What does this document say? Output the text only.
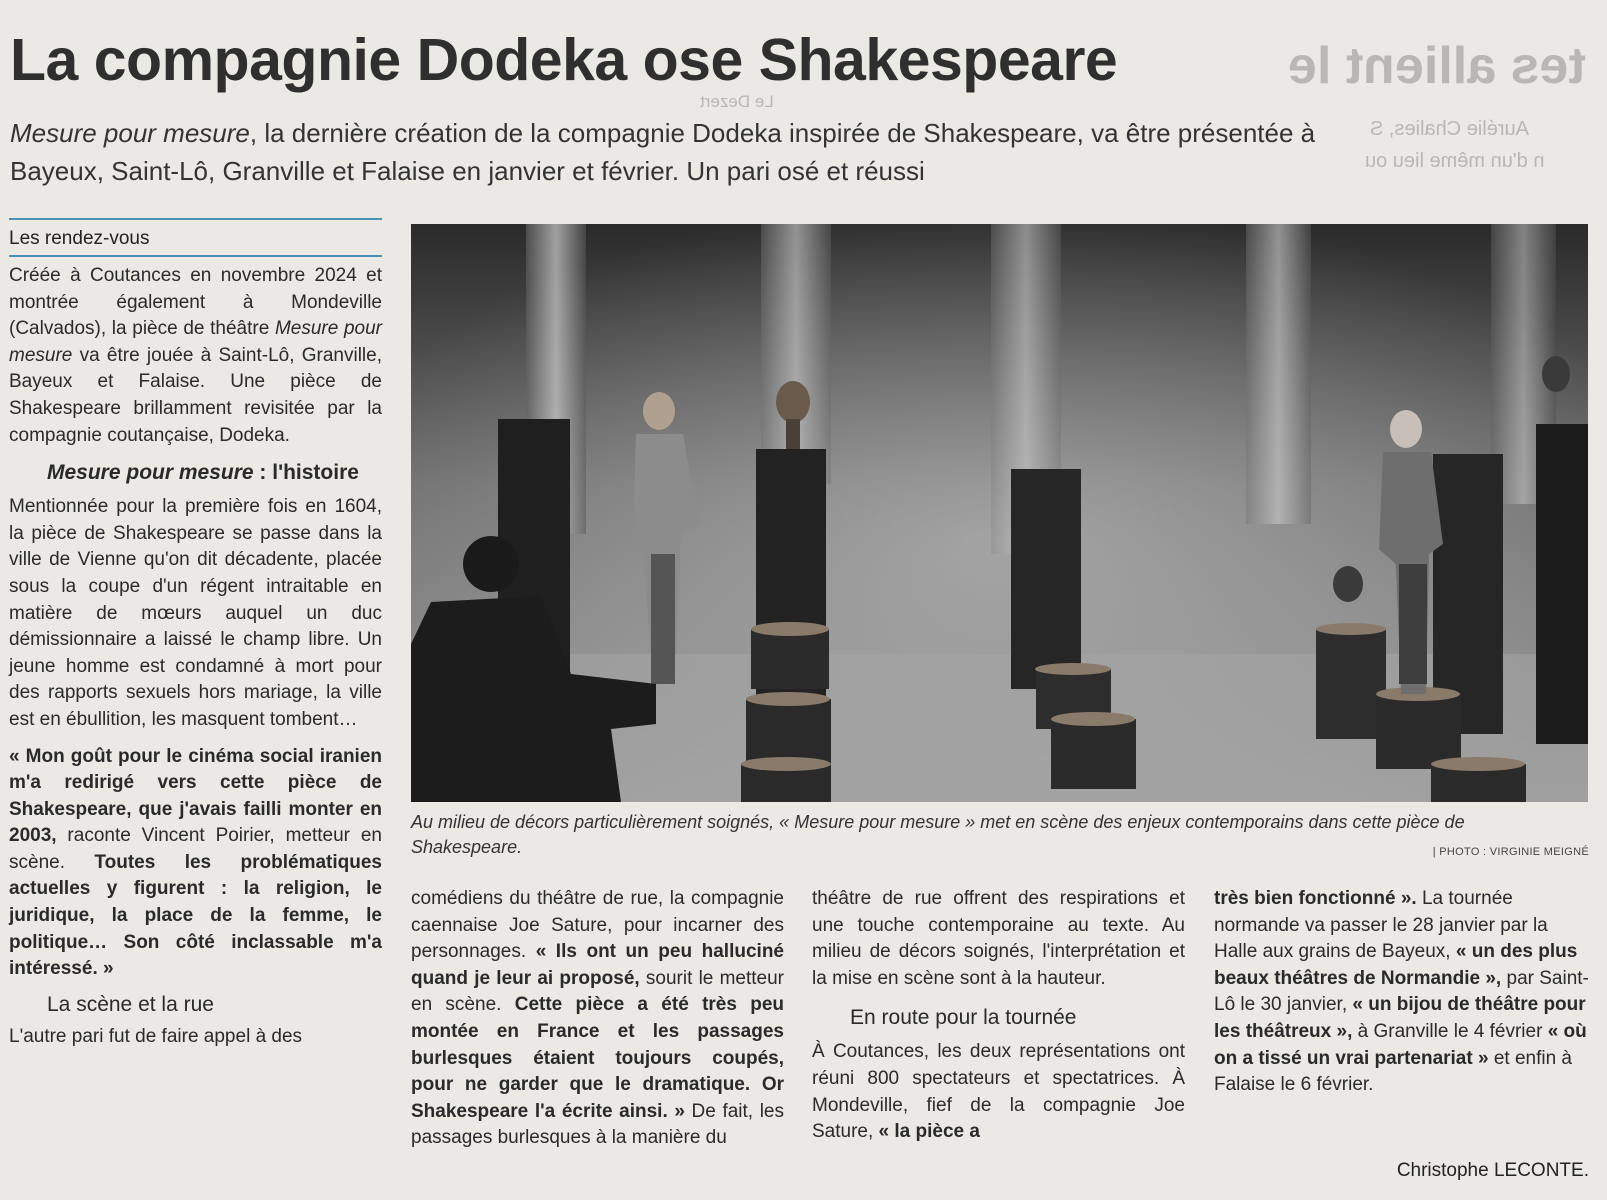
tes allient le
Le Dezert
Aurélie Chalies, S
n d'un même lieu ou
La compagnie Dodeka ose Shakespeare

Mesure pour mesure, la dernière création de la compagnie Dodeka inspirée de Shakespeare, va être présentée à Bayeux, Saint-Lô, Granville et Falaise en janvier et février. Un pari osé et réussi

Les rendez-vous

Créée à Coutances en novembre 2024 et montrée également à Mondeville (Calvados), la pièce de théâtre Mesure pour mesure va être jouée à Saint-Lô, Granville, Bayeux et Falaise. Une pièce de Shakespeare brillamment revisitée par la compagnie coutançaise, Dodeka.

Mesure pour mesure : l'histoire

Mentionnée pour la première fois en 1604, la pièce de Shakespeare se passe dans la ville de Vienne qu'on dit décadente, placée sous la coupe d'un régent intraitable en matière de mœurs auquel un duc démissionnaire a laissé le champ libre. Un jeune homme est condamné à mort pour des rapports sexuels hors mariage, la ville est en ébullition, les masquent tombent…

« Mon goût pour le cinéma social iranien m'a redirigé vers cette pièce de Shakespeare, que j'avais failli monter en 2003, raconte Vincent Poirier, metteur en scène. Toutes les problématiques actuelles y figurent : la religion, le juridique, la place de la femme, le politique… Son côté inclassable m'a intéressé. »

La scène et la rue

L'autre pari fut de faire appel à des

Au milieu de décors particulièrement soignés, « Mesure pour mesure » met en scène des enjeux contemporains dans cette pièce de Shakespeare.	| PHOTO : VIRGINIE MEIGNÉ

comédiens du théâtre de rue, la compagnie caennaise Joe Sature, pour incarner des personnages. « Ils ont un peu halluciné quand je leur ai proposé, sourit le metteur en scène. Cette pièce a été très peu montée en France et les passages burlesques étaient toujours coupés, pour ne garder que le dramatique. Or Shakespeare l'a écrite ainsi. » De fait, les passages burlesques à la manière du

théâtre de rue offrent des respirations et une touche contemporaine au texte. Au milieu de décors soignés, l'interprétation et la mise en scène sont à la hauteur.

En route pour la tournée

À Coutances, les deux représentations ont réuni 800 spectateurs et spectatrices. À Mondeville, fief de la compagnie Joe Sature, « la pièce a

très bien fonctionné ». La tournée normande va passer le 28 janvier par la Halle aux grains de Bayeux, « un des plus beaux théâtres de Normandie », par Saint-Lô le 30 janvier, « un bijou de théâtre pour les théâtreux », à Granville le 4 février « où on a tissé un vrai partenariat » et enfin à Falaise le 6 février.

Christophe LECONTE.
